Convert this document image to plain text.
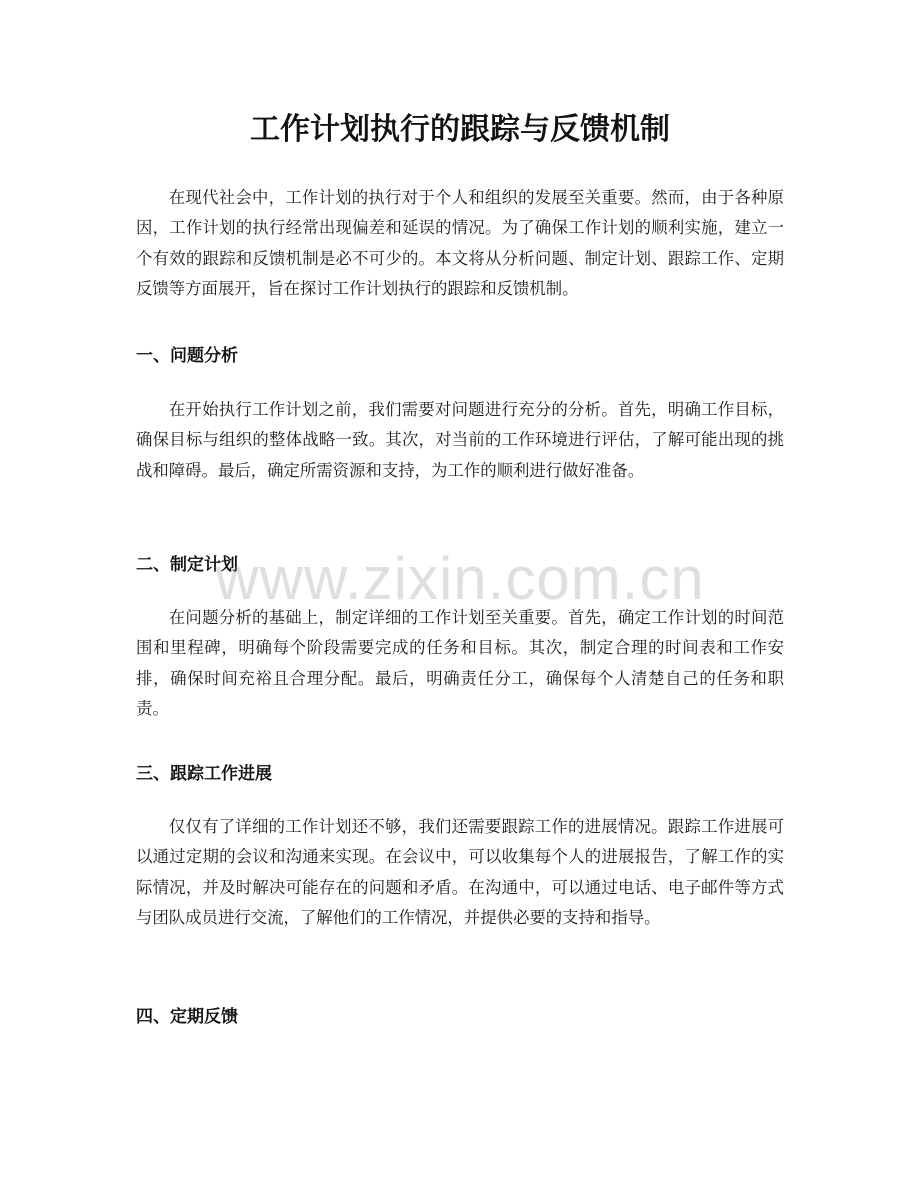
工作计划执行的跟踪与反馈机制

在现代社会中，工作计划的执行对于个人和组织的发展至关重要。然而，由于各种原因，工作计划的执行经常出现偏差和延误的情况。为了确保工作计划的顺利实施，建立一个有效的跟踪和反馈机制是必不可少的。本文将从分析问题、制定计划、跟踪工作、定期反馈等方面展开，旨在探讨工作计划执行的跟踪和反馈机制。

一、问题分析

在开始执行工作计划之前，我们需要对问题进行充分的分析。首先，明确工作目标，确保目标与组织的整体战略一致。其次，对当前的工作环境进行评估，了解可能出现的挑战和障碍。最后，确定所需资源和支持，为工作的顺利进行做好准备。

二、制定计划

在问题分析的基础上，制定详细的工作计划至关重要。首先，确定工作计划的时间范围和里程碑，明确每个阶段需要完成的任务和目标。其次，制定合理的时间表和工作安排，确保时间充裕且合理分配。最后，明确责任分工，确保每个人清楚自己的任务和职责。

三、跟踪工作进展

仅仅有了详细的工作计划还不够，我们还需要跟踪工作的进展情况。跟踪工作进展可以通过定期的会议和沟通来实现。在会议中，可以收集每个人的进展报告，了解工作的实际情况，并及时解决可能存在的问题和矛盾。在沟通中，可以通过电话、电子邮件等方式与团队成员进行交流，了解他们的工作情况，并提供必要的支持和指导。

四、定期反馈
www.zixin.com.cn
